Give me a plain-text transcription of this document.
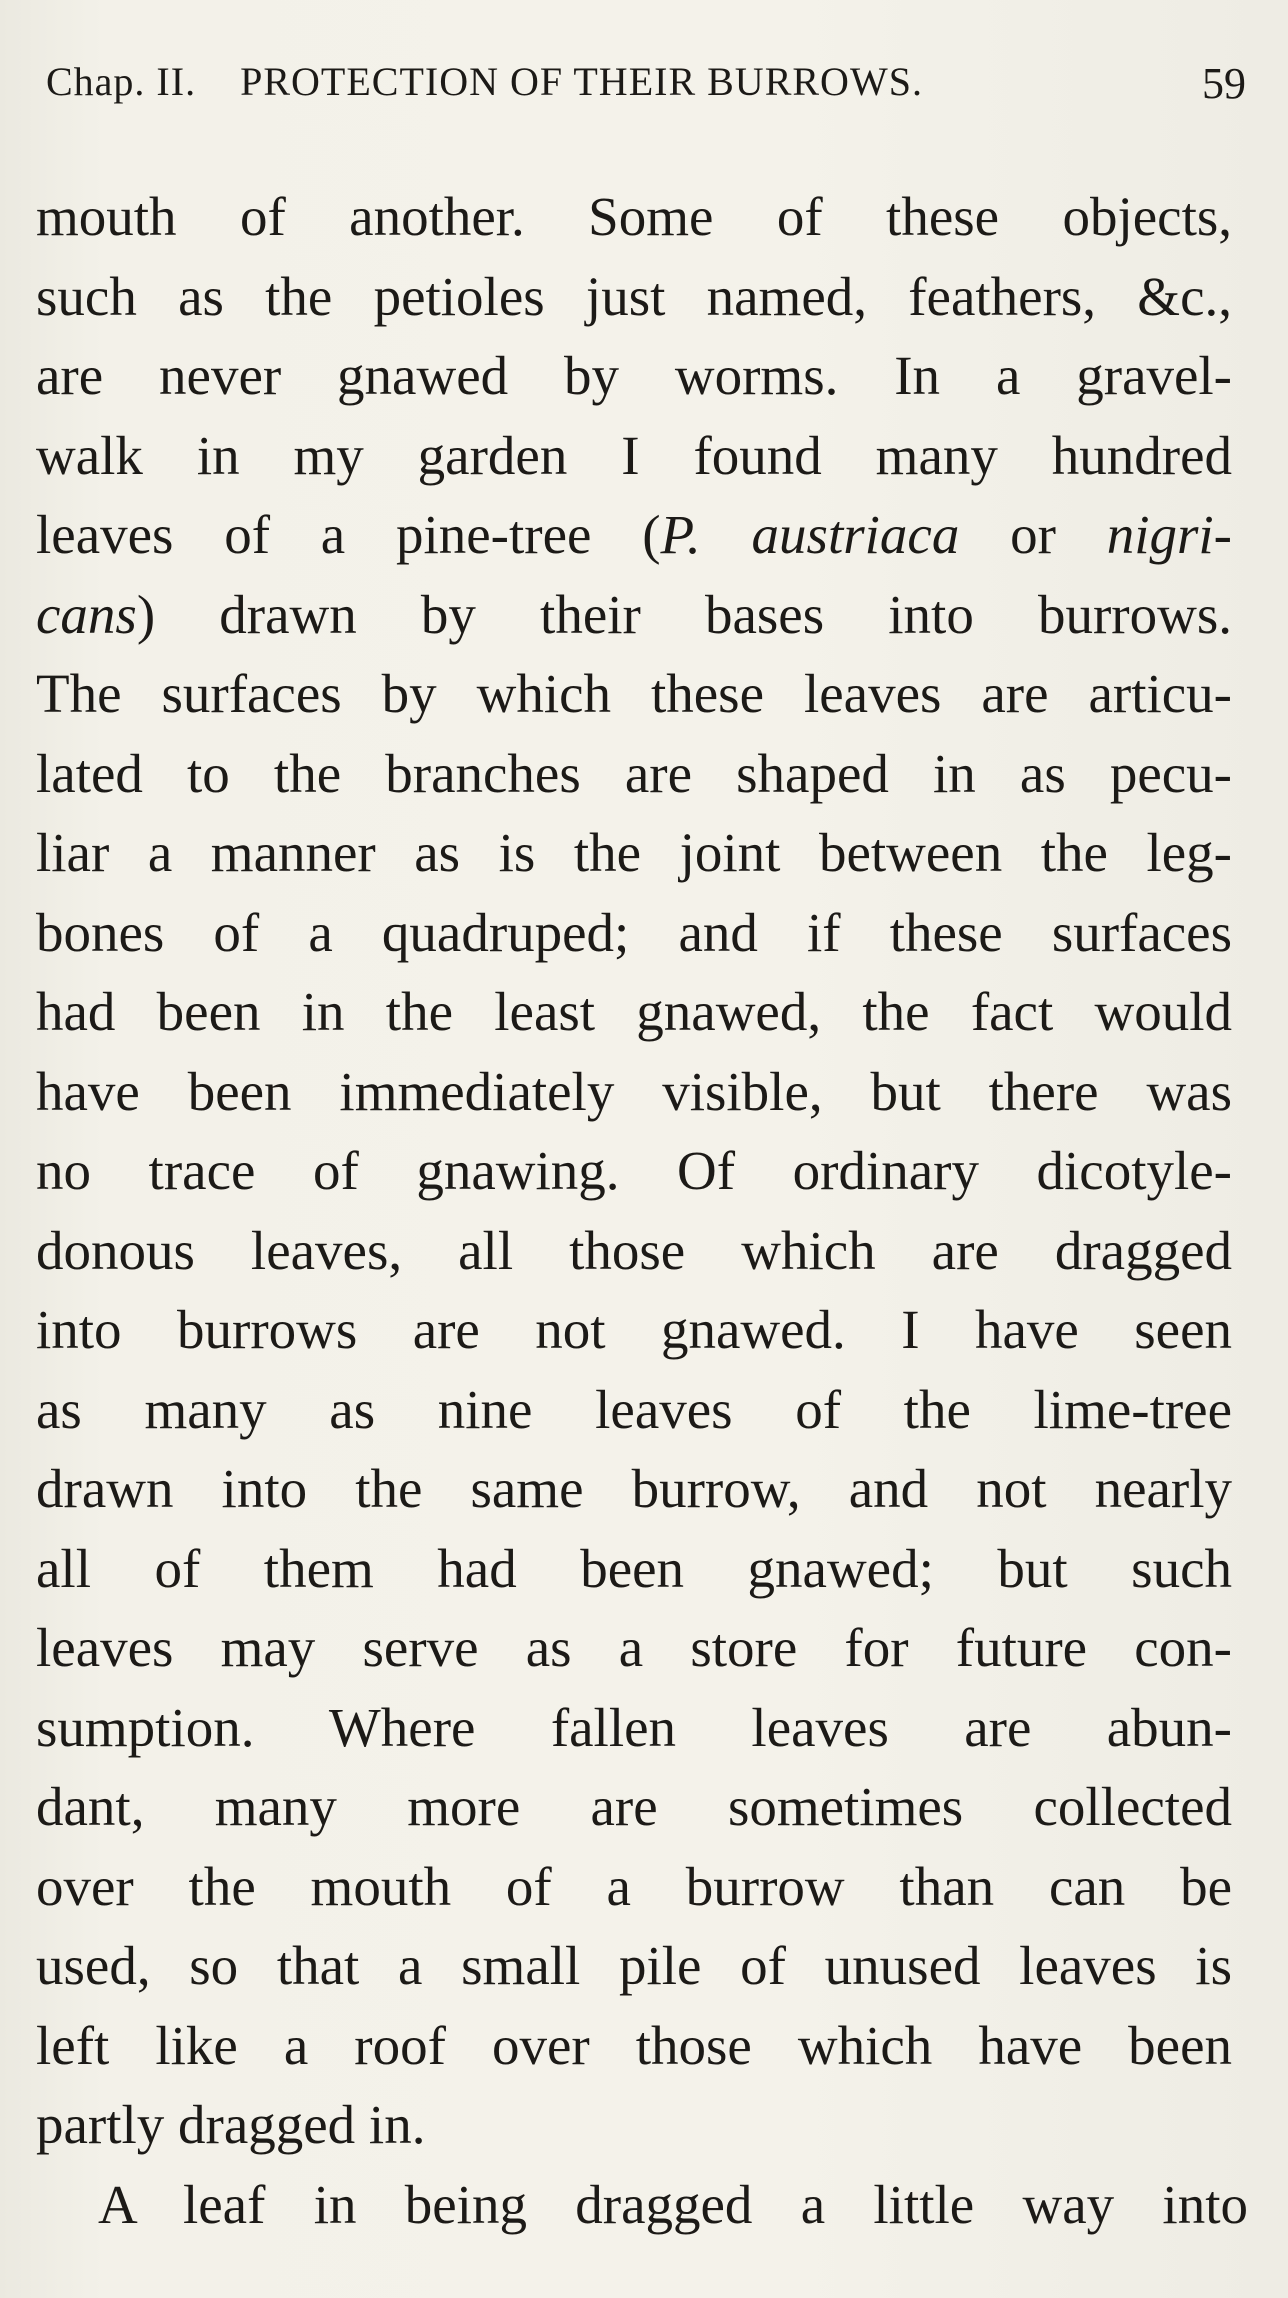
Chap. II. PROTECTION OF THEIR BURROWS.	59
mouth of another. Some of these objects,
such as the petioles just named, feathers, &c.,
are never gnawed by worms. In a gravel-
walk in my garden I found many hundred
leaves of a pine-tree (P. austriaca or nigri-
cans) drawn by their bases into burrows.
The surfaces by which these leaves are articu-
lated to the branches are shaped in as pecu-
liar a manner as is the joint between the leg-
bones of a quadruped; and if these surfaces
had been in the least gnawed, the fact would
have been immediately visible, but there was
no trace of gnawing. Of ordinary dicotyle-
donous leaves, all those which are dragged
into burrows are not gnawed. I have seen
as many as nine leaves of the lime-tree
drawn into the same burrow, and not nearly
all of them had been gnawed; but such
leaves may serve as a store for future con-
sumption. Where fallen leaves are abun-
dant, many more are sometimes collected
over the mouth of a burrow than can be
used, so that a small pile of unused leaves is
left like a roof over those which have been
partly dragged in.
A leaf in being dragged a little way into
